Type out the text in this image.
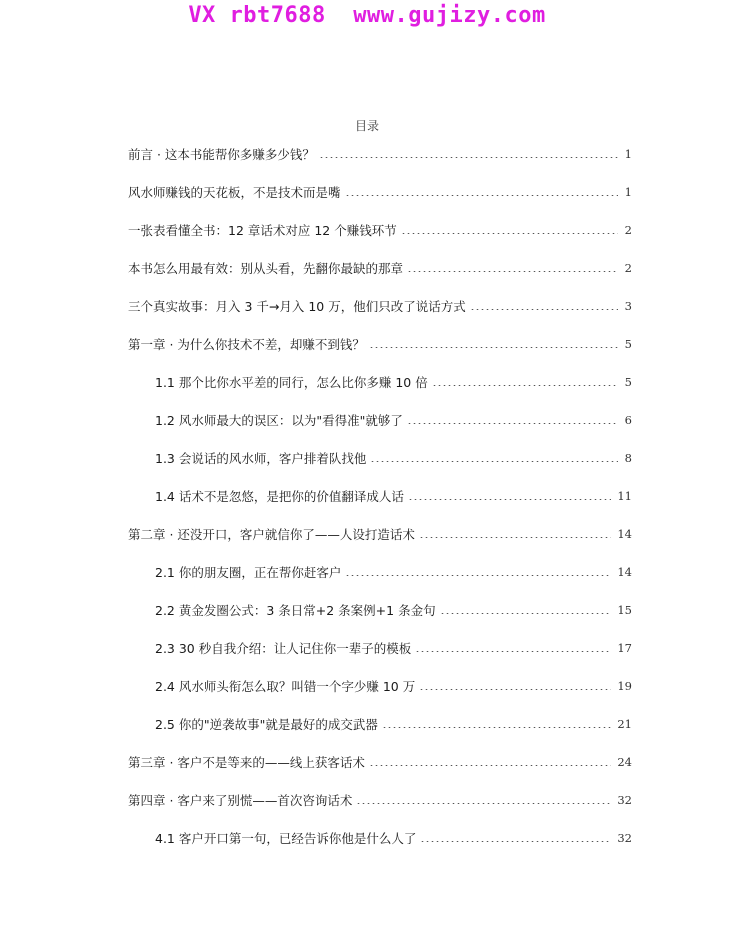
VX rbt7688  www.gujizy.com
目录
前言 · 这本书能帮你多赚多少钱？	1
风水师赚钱的天花板，不是技术而是嘴	1
一张表看懂全书：12 章话术对应 12 个赚钱环节	2
本书怎么用最有效：别从头看，先翻你最缺的那章	2
三个真实故事：月入 3 千→月入 10 万，他们只改了说话方式	3
第一章 · 为什么你技术不差，却赚不到钱？	5
1.1 那个比你水平差的同行，怎么比你多赚 10 倍	5
1.2 风水师最大的误区：以为"看得准"就够了	6
1.3 会说话的风水师，客户排着队找他	8
1.4 话术不是忽悠，是把你的价值翻译成人话	11
第二章 · 还没开口，客户就信你了——人设打造话术	14
2.1 你的朋友圈，正在帮你赶客户	14
2.2 黄金发圈公式：3 条日常+2 条案例+1 条金句	15
2.3 30 秒自我介绍：让人记住你一辈子的模板	17
2.4 风水师头衔怎么取？叫错一个字少赚 10 万	19
2.5 你的"逆袭故事"就是最好的成交武器	21
第三章 · 客户不是等来的——线上获客话术	24
第四章 · 客户来了别慌——首次咨询话术	32
4.1 客户开口第一句，已经告诉你他是什么人了	32
